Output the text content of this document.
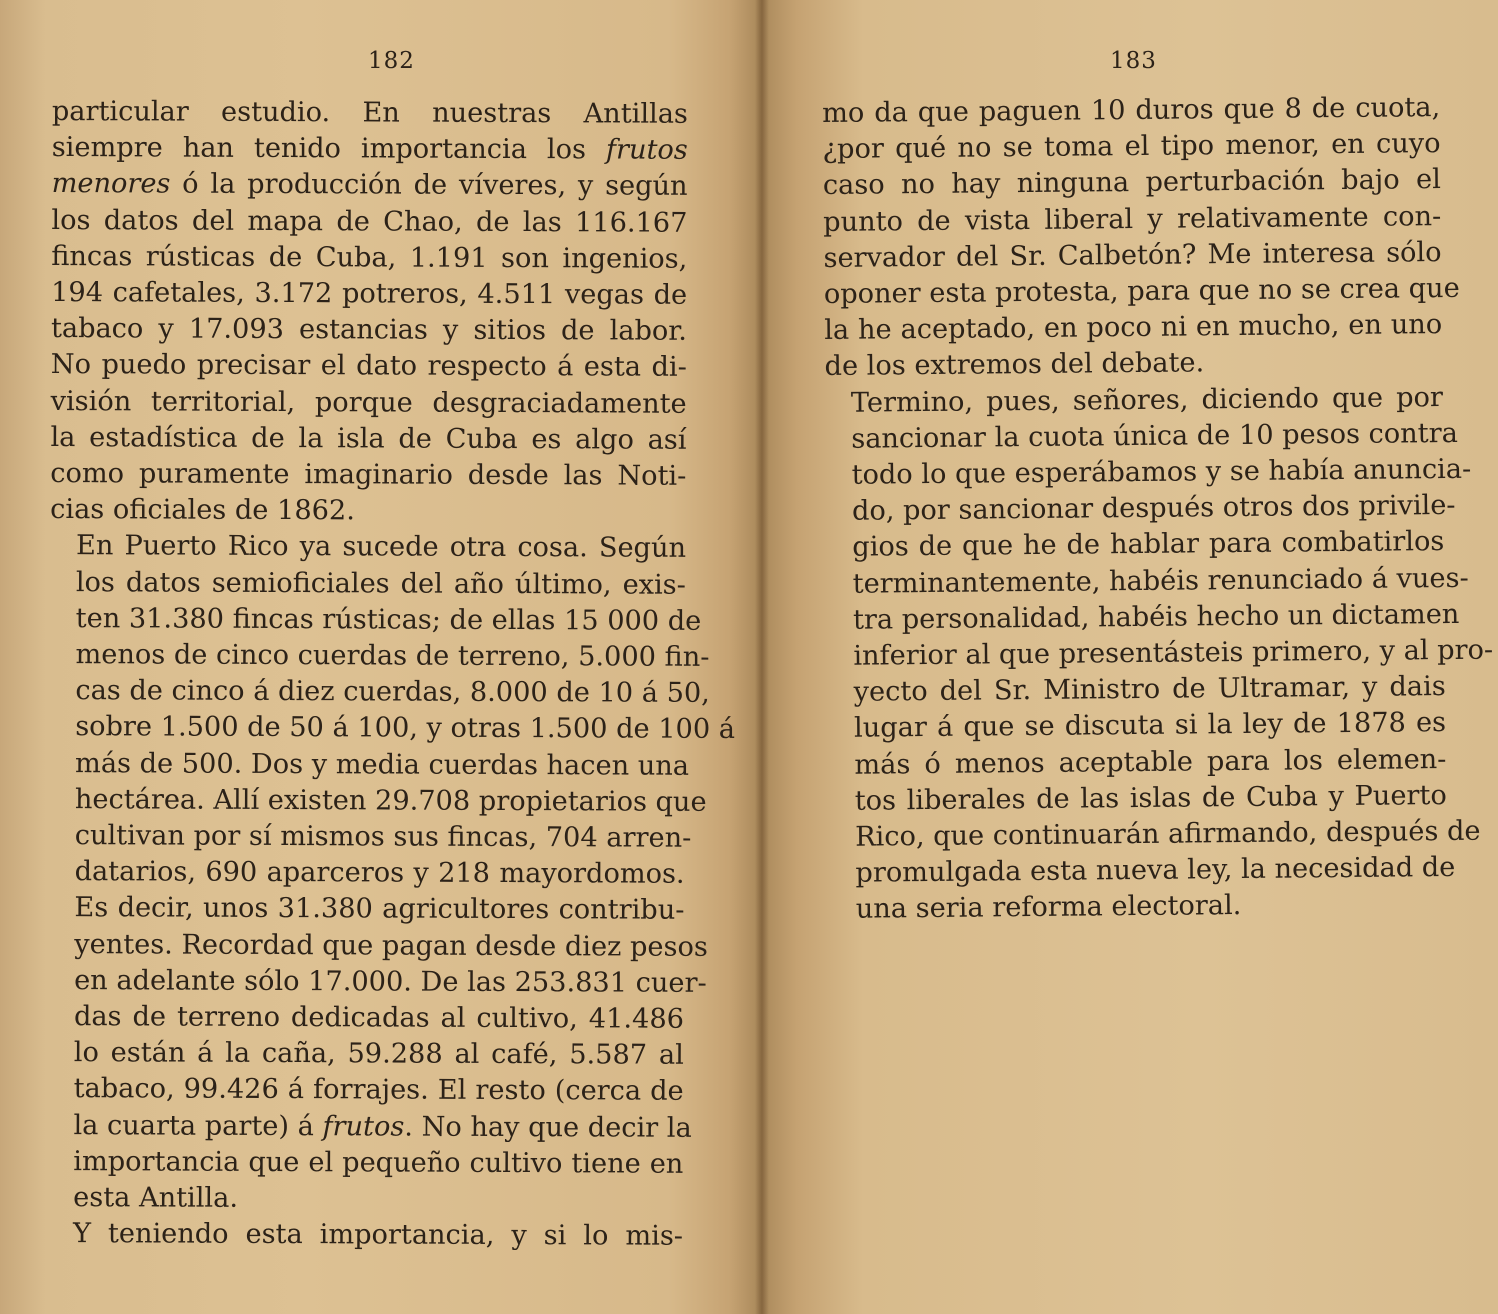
182

particular estudio. En nuestras Antillas
siempre han tenido importancia los frutos
menores ó la producción de víveres, y según
los datos del mapa de Chao, de las 116.167
fincas rústicas de Cuba, 1.191 son ingenios,
194 cafetales, 3.172 potreros, 4.511 vegas de
tabaco y 17.093 estancias y sitios de labor.
No puedo precisar el dato respecto á esta di-
visión territorial, porque desgraciadamente
la estadística de la isla de Cuba es algo así
como puramente imaginario desde las Noti-
cias oficiales de 1862.

En Puerto Rico ya sucede otra cosa. Según
los datos semioficiales del año último, exis-
ten 31.380 fincas rústicas; de ellas 15 000 de
menos de cinco cuerdas de terreno, 5.000 fin-
cas de cinco á diez cuerdas, 8.000 de 10 á 50,
sobre 1.500 de 50 á 100, y otras 1.500 de 100 á
más de 500. Dos y media cuerdas hacen una
hectárea. Allí existen 29.708 propietarios que
cultivan por sí mismos sus fincas, 704 arren-
datarios, 690 aparceros y 218 mayordomos.
Es decir, unos 31.380 agricultores contribu-
yentes. Recordad que pagan desde diez pesos
en adelante sólo 17.000. De las 253.831 cuer-
das de terreno dedicadas al cultivo, 41.486
lo están á la caña, 59.288 al café, 5.587 al
tabaco, 99.426 á forrajes. El resto (cerca de
la cuarta parte) á frutos. No hay que decir la
importancia que el pequeño cultivo tiene en
esta Antilla.

Y teniendo esta importancia, y si lo mis-

183

mo da que paguen 10 duros que 8 de cuota,
¿por qué no se toma el tipo menor, en cuyo
caso no hay ninguna perturbación bajo el
punto de vista liberal y relativamente con-
servador del Sr. Calbetón? Me interesa sólo
oponer esta protesta, para que no se crea que
la he aceptado, en poco ni en mucho, en uno
de los extremos del debate.

Termino, pues, señores, diciendo que por
sancionar la cuota única de 10 pesos contra
todo lo que esperábamos y se había anuncia-
do, por sancionar después otros dos privile-
gios de que he de hablar para combatirlos
terminantemente, habéis renunciado á vues-
tra personalidad, habéis hecho un dictamen
inferior al que presentásteis primero, y al pro-
yecto del Sr. Ministro de Ultramar, y dais
lugar á que se discuta si la ley de 1878 es
más ó menos aceptable para los elemen-
tos liberales de las islas de Cuba y Puerto
Rico, que continuarán afirmando, después de
promulgada esta nueva ley, la necesidad de
una seria reforma electoral.
